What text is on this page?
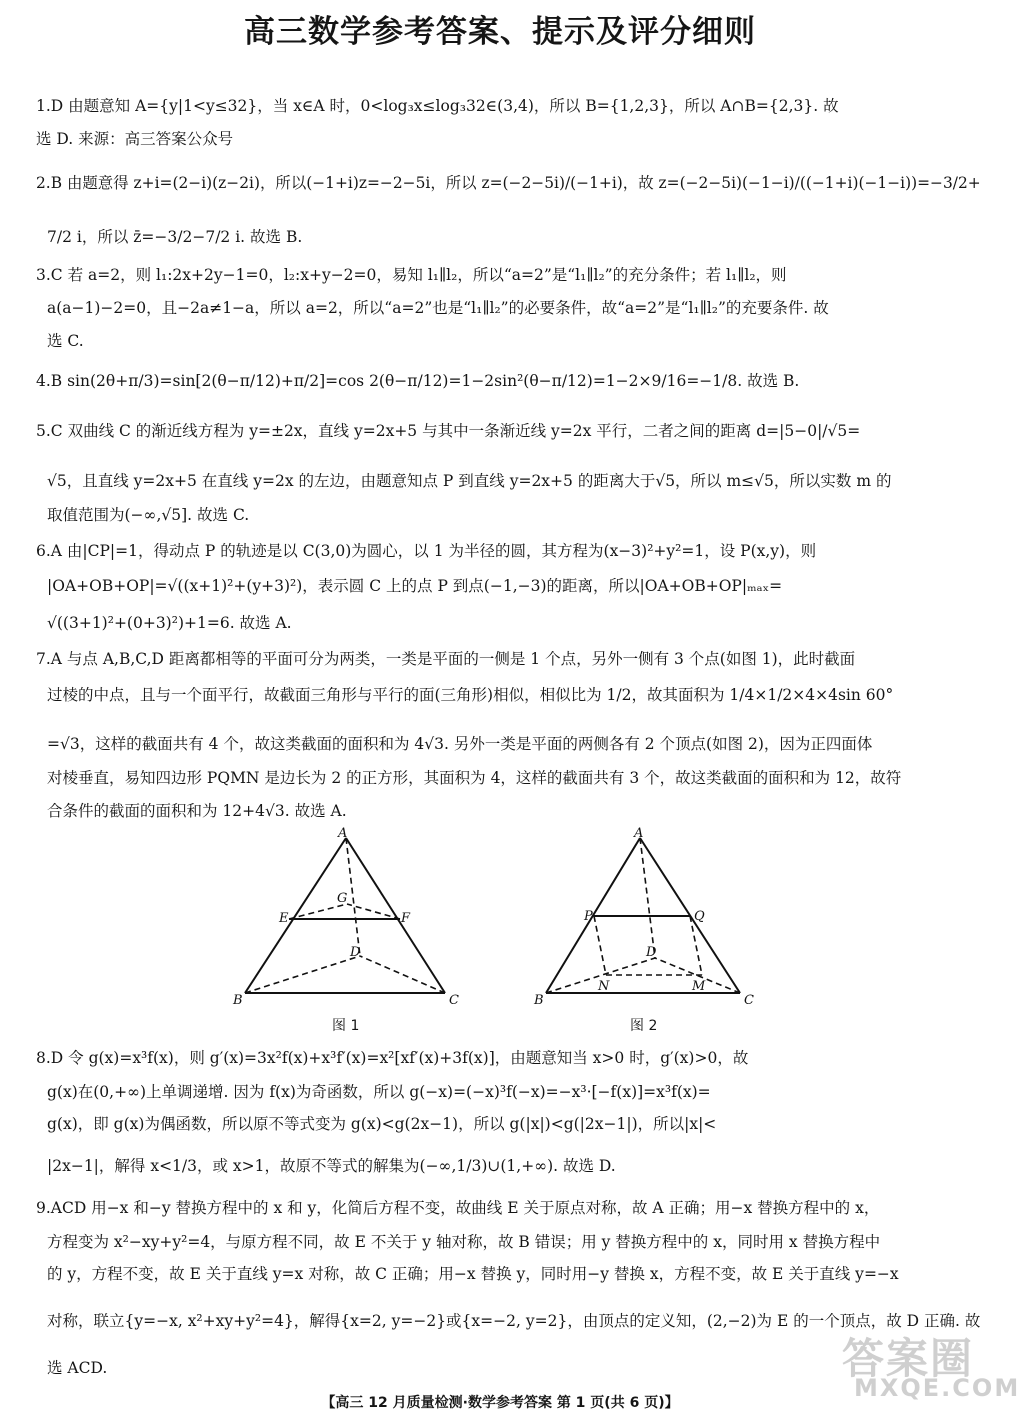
高三数学参考答案、提示及评分细则
1.D 由题意知 A={y|1<y≤32}，当 x∈A 时，0<log₃x≤log₃32∈(3,4)，所以 B={1,2,3}，所以 A∩B={2,3}. 故
选 D. 来源：高三答案公众号
2.B 由题意得 z+i=(2−i)(z−2i)，所以(−1+i)z=−2−5i，所以 z=(−2−5i)/(−1+i)，故 z=(−2−5i)(−1−i)/((−1+i)(−1−i))=−3/2+
7/2 i，所以 z̄=−3/2−7/2 i. 故选 B.
3.C 若 a=2，则 l₁:2x+2y−1=0，l₂:x+y−2=0，易知 l₁∥l₂，所以“a=2”是“l₁∥l₂”的充分条件；若 l₁∥l₂，则
a(a−1)−2=0，且−2a≠1−a，所以 a=2，所以“a=2”也是“l₁∥l₂”的必要条件，故“a=2”是“l₁∥l₂”的充要条件. 故
选 C.
4.B sin(2θ+π/3)=sin[2(θ−π/12)+π/2]=cos 2(θ−π/12)=1−2sin²(θ−π/12)=1−2×9/16=−1/8. 故选 B.
5.C 双曲线 C 的渐近线方程为 y=±2x，直线 y=2x+5 与其中一条渐近线 y=2x 平行，二者之间的距离 d=|5−0|/√5=
√5，且直线 y=2x+5 在直线 y=2x 的左边，由题意知点 P 到直线 y=2x+5 的距离大于√5，所以 m≤√5，所以实数 m 的
取值范围为(−∞,√5]. 故选 C.
6.A 由|CP|=1，得动点 P 的轨迹是以 C(3,0)为圆心，以 1 为半径的圆，其方程为(x−3)²+y²=1，设 P(x,y)，则
|OA+OB+OP|=√((x+1)²+(y+3)²)，表示圆 C 上的点 P 到点(−1,−3)的距离，所以|OA+OB+OP|ₘₐₓ=
√((3+1)²+(0+3)²)+1=6. 故选 A.
7.A 与点 A,B,C,D 距离都相等的平面可分为两类，一类是平面的一侧是 1 个点，另外一侧有 3 个点(如图 1)，此时截面
过棱的中点，且与一个面平行，故截面三角形与平行的面(三角形)相似，相似比为 1/2，故其面积为 1/4×1/2×4×4sin 60°
=√3，这样的截面共有 4 个，故这类截面的面积和为 4√3. 另外一类是平面的两侧各有 2 个顶点(如图 2)，因为正四面体
对棱垂直，易知四边形 PQMN 是边长为 2 的正方形，其面积为 4，这样的截面共有 3 个，故这类截面的面积和为 12，故符
合条件的截面的面积和为 12+4√3. 故选 A.
8.D 令 g(x)=x³f(x)，则 g′(x)=3x²f(x)+x³f′(x)=x²[xf′(x)+3f(x)]，由题意知当 x>0 时，g′(x)>0，故
g(x)在(0,+∞)上单调递增. 因为 f(x)为奇函数，所以 g(−x)=(−x)³f(−x)=−x³·[−f(x)]=x³f(x)=
g(x)，即 g(x)为偶函数，所以原不等式变为 g(x)<g(2x−1)，所以 g(|x|)<g(|2x−1|)，所以|x|<
|2x−1|，解得 x<1/3，或 x>1，故原不等式的解集为(−∞,1/3)∪(1,+∞). 故选 D.
9.ACD 用−x 和−y 替换方程中的 x 和 y，化简后方程不变，故曲线 E 关于原点对称，故 A 正确；用−x 替换方程中的 x，
方程变为 x²−xy+y²=4，与原方程不同，故 E 不关于 y 轴对称，故 B 错误；用 y 替换方程中的 x，同时用 x 替换方程中
的 y，方程不变，故 E 关于直线 y=x 对称，故 C 正确；用−x 替换 y，同时用−y 替换 x，方程不变，故 E 关于直线 y=−x
对称，联立{y=−x, x²+xy+y²=4}，解得{x=2, y=−2}或{x=−2, y=2}，由顶点的定义知，(2,−2)为 E 的一个顶点，故 D 正确. 故
选 ACD.
A
B	C
D
E	F
G
图 1
A
B	C
D
P	Q
M
N
图 2
答案圈
MXQE.COM
【高三 12 月质量检测·数学参考答案 第 1 页(共 6 页)】
